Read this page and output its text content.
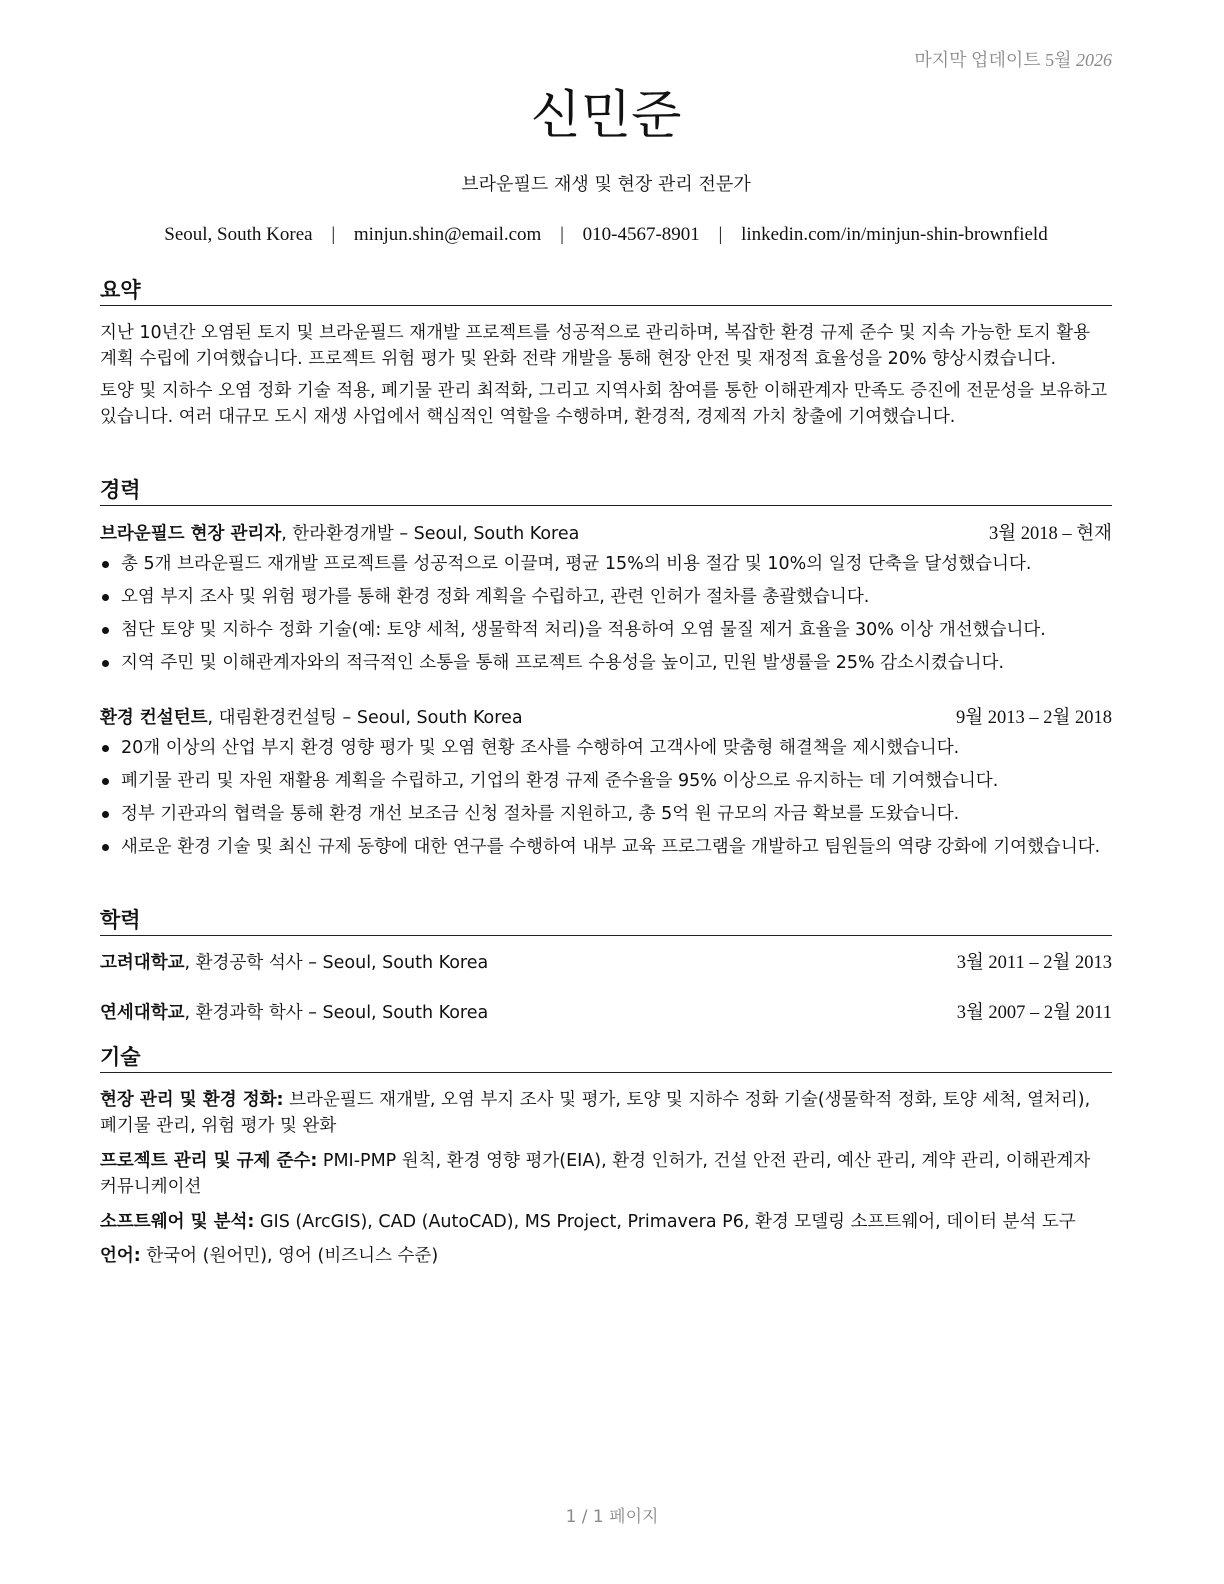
마지막 업데이트 5월 2026
신민준
브라운필드 재생 및 현장 관리 전문가
Seoul, South Korea | minjun.shin@email.com | 010-4567-8901 | linkedin.com/in/minjun-shin-brownfield
요약

지난 10년간 오염된 토지 및 브라운필드 재개발 프로젝트를 성공적으로 관리하며, 복잡한 환경 규제 준수 및 지속 가능한 토지 활용 계획 수립에 기여했습니다. 프로젝트 위험 평가 및 완화 전략 개발을 통해 현장 안전 및 재정적 효율성을 20% 향상시켰습니다.

토양 및 지하수 오염 정화 기술 적용, 폐기물 관리 최적화, 그리고 지역사회 참여를 통한 이해관계자 만족도 증진에 전문성을 보유하고 있습니다. 여러 대규모 도시 재생 사업에서 핵심적인 역할을 수행하며, 환경적, 경제적 가치 창출에 기여했습니다.

경력
브라운필드 현장 관리자, 한라환경개발 – Seoul, South Korea	3월 2018 – 현재
총 5개 브라운필드 재개발 프로젝트를 성공적으로 이끌며, 평균 15%의 비용 절감 및 10%의 일정 단축을 달성했습니다.
오염 부지 조사 및 위험 평가를 통해 환경 정화 계획을 수립하고, 관련 인허가 절차를 총괄했습니다.
첨단 토양 및 지하수 정화 기술(예: 토양 세척, 생물학적 처리)을 적용하여 오염 물질 제거 효율을 30% 이상 개선했습니다.
지역 주민 및 이해관계자와의 적극적인 소통을 통해 프로젝트 수용성을 높이고, 민원 발생률을 25% 감소시켰습니다.
환경 컨설턴트, 대림환경컨설팅 – Seoul, South Korea	9월 2013 – 2월 2018
20개 이상의 산업 부지 환경 영향 평가 및 오염 현황 조사를 수행하여 고객사에 맞춤형 해결책을 제시했습니다.
폐기물 관리 및 자원 재활용 계획을 수립하고, 기업의 환경 규제 준수율을 95% 이상으로 유지하는 데 기여했습니다.
정부 기관과의 협력을 통해 환경 개선 보조금 신청 절차를 지원하고, 총 5억 원 규모의 자금 확보를 도왔습니다.
새로운 환경 기술 및 최신 규제 동향에 대한 연구를 수행하여 내부 교육 프로그램을 개발하고 팀원들의 역량 강화에 기여했습니다.
학력
고려대학교, 환경공학 석사 – Seoul, South Korea	3월 2011 – 2월 2013
연세대학교, 환경과학 학사 – Seoul, South Korea	3월 2007 – 2월 2011
기술
현장 관리 및 환경 정화: 브라운필드 재개발, 오염 부지 조사 및 평가, 토양 및 지하수 정화 기술(생물학적 정화, 토양 세척, 열처리), 폐기물 관리, 위험 평가 및 완화
프로젝트 관리 및 규제 준수: PMI-PMP 원칙, 환경 영향 평가(EIA), 환경 인허가, 건설 안전 관리, 예산 관리, 계약 관리, 이해관계자 커뮤니케이션
소프트웨어 및 분석: GIS (ArcGIS), CAD (AutoCAD), MS Project, Primavera P6, 환경 모델링 소프트웨어, 데이터 분석 도구
언어: 한국어 (원어민), 영어 (비즈니스 수준)
1 / 1 페이지
